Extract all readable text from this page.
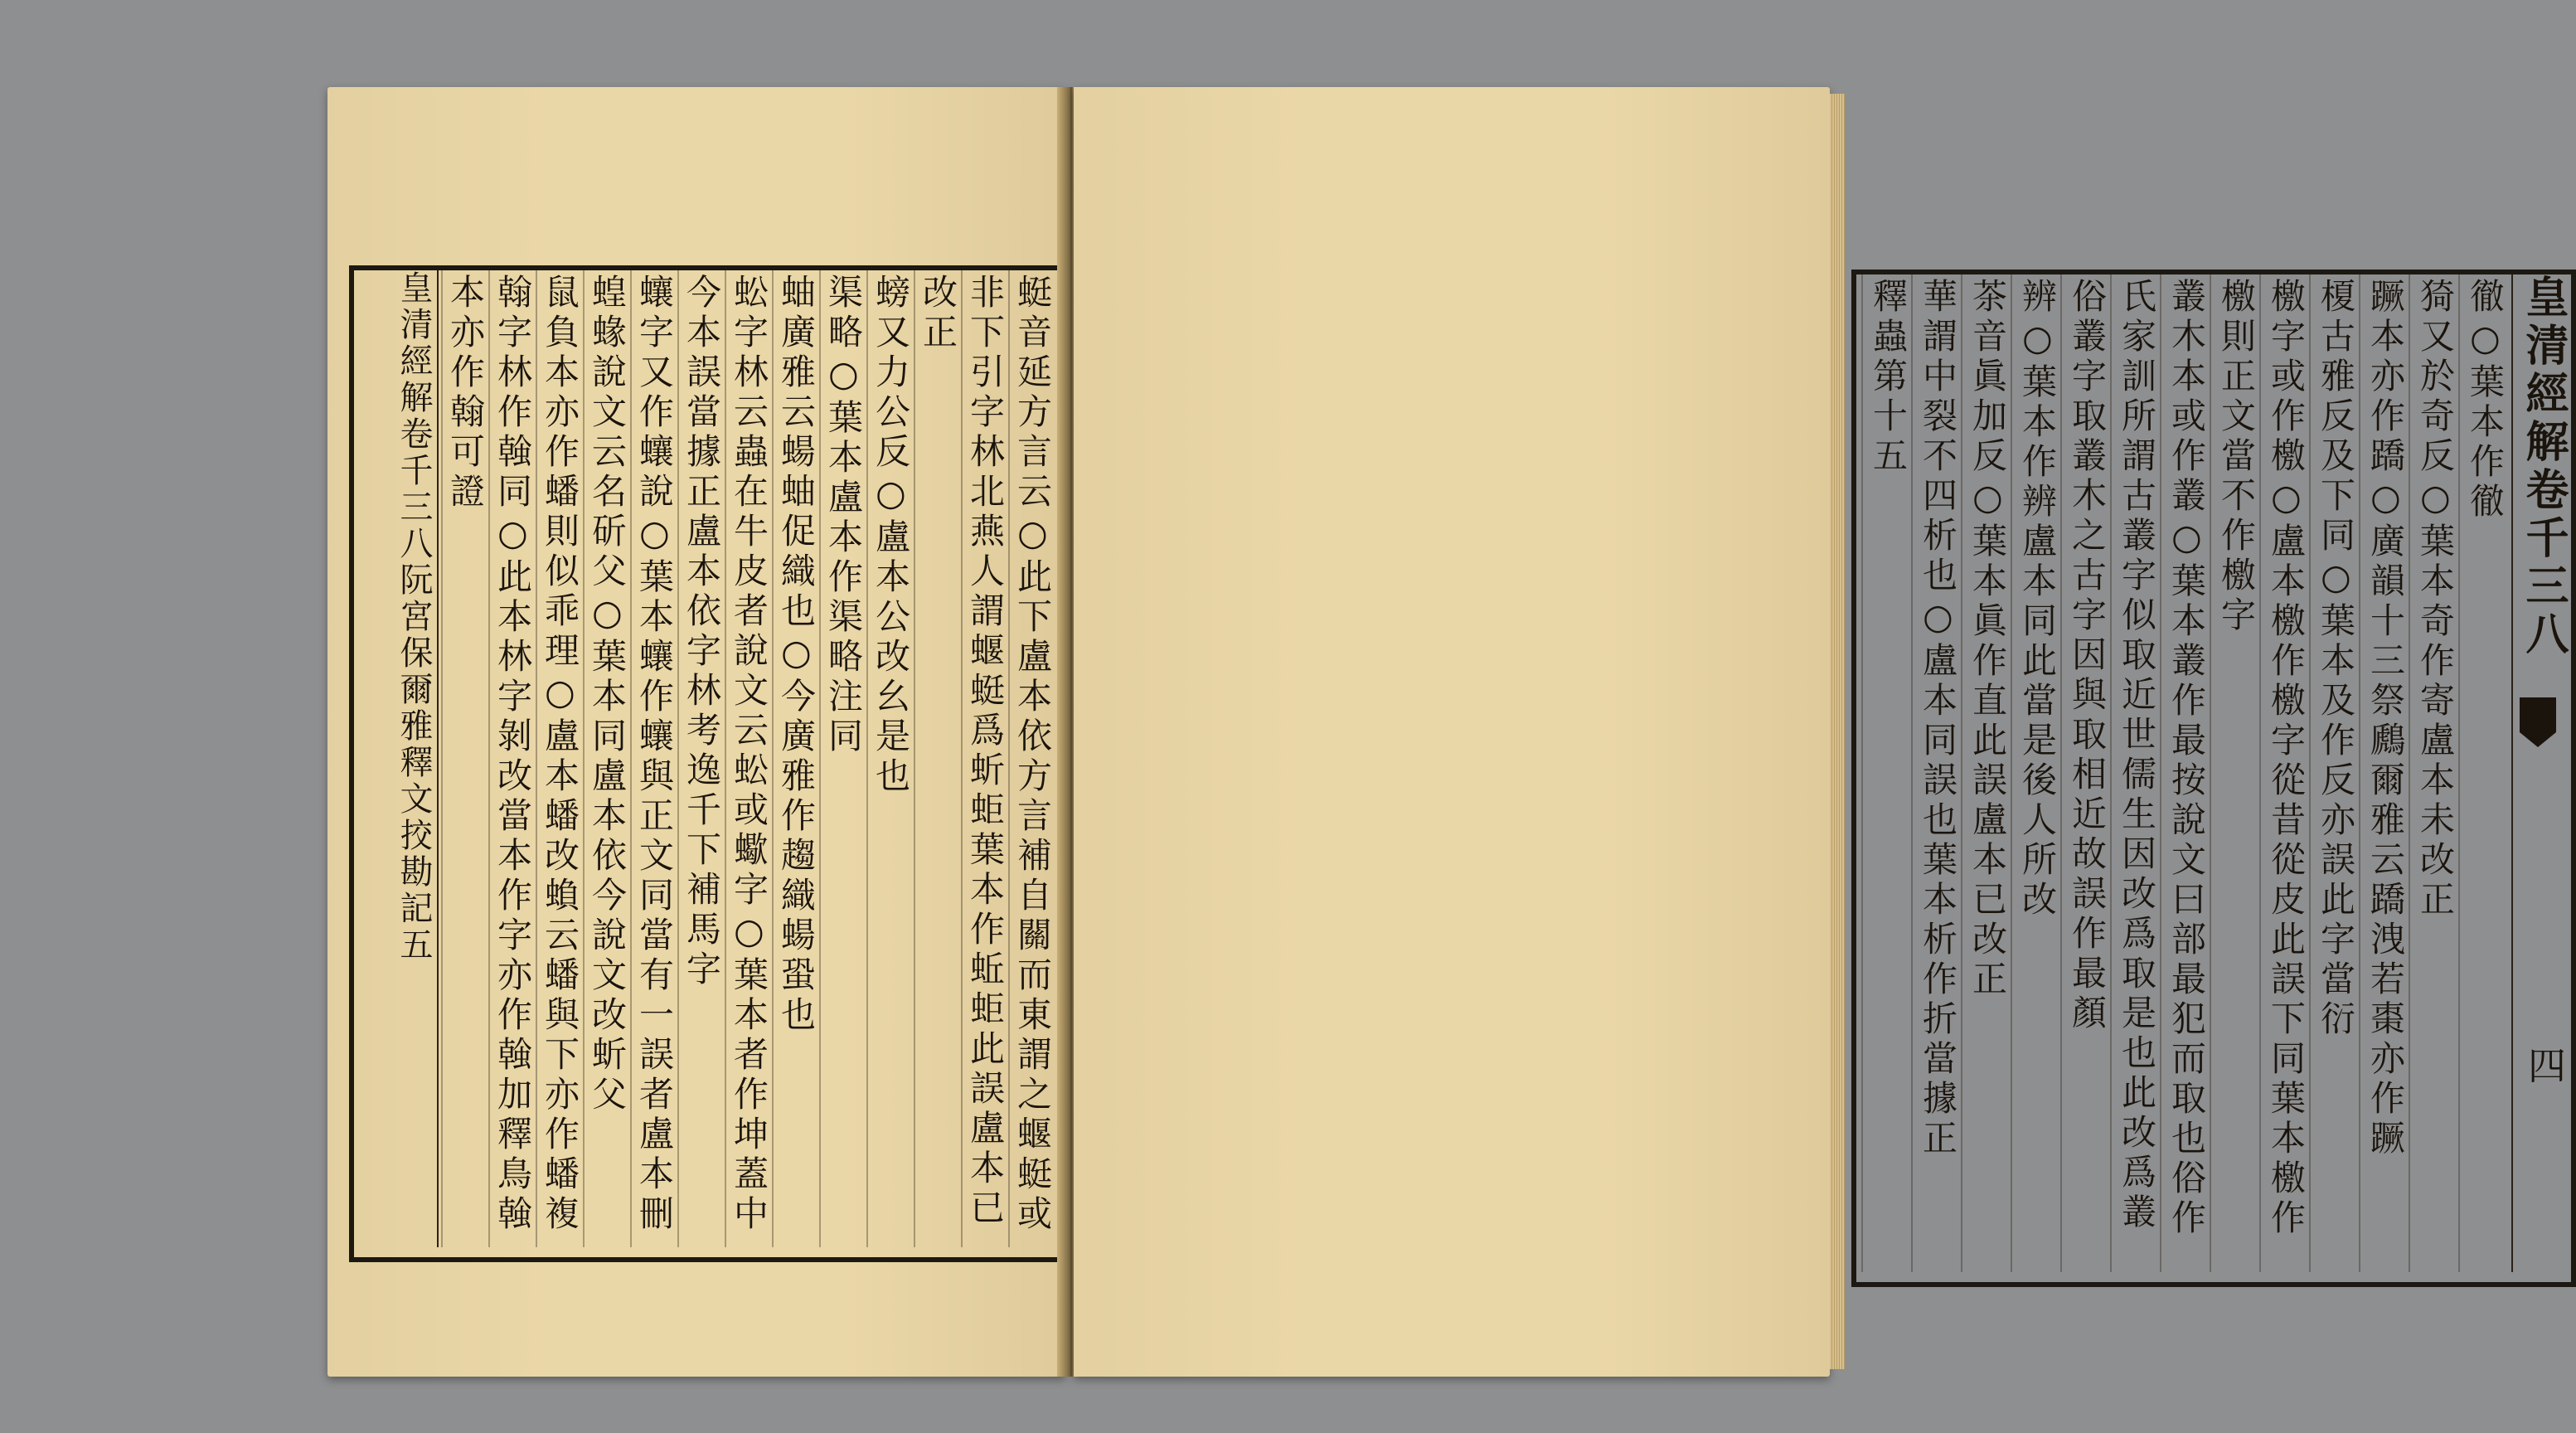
皇清經解卷千三八阮宮保爾雅釋文挍勘記五	蜓音延方言云○此下盧本依方言補自關而東謂之蝘蜓或
非下引字林北燕人謂蝘蜓爲蚚蚷葉本作蚯蚷此誤盧本已
改正
螃又力公反○盧本公改幺是也
渠略○葉本盧本作渠略注同
蚰廣雅云蝪蚰促織也○今廣雅作趨織蝪蛩也
蚣字林云蟲在牛皮者說文云蚣或蠍字○葉本者作坤蓋中
今本誤當據正盧本依字林考逸千下補馬字
蠰字又作蠰說○葉本蠰作蠰與正文同當有一誤者盧本刪
蝗蝝說文云名斫父○葉本同盧本依今說文改蚚父
鼠負本亦作蟠則似乖理○盧本蟠改蝜云蟠與下亦作蟠複
翰字林作螒同○此本林字剝改當本作字亦作螒加釋鳥螒
本亦作翰可證	皇清經解卷千三八
四
徹○葉本作徹
猗又於奇反○葉本奇作寄盧本未改正
蹶本亦作蹻○廣韻十三祭鷉爾雅云蹻洩若棗亦作蹶
榎古雅反及下同○葉本及作反亦誤此字當衍
檄字或作檄○盧本檄作檄字從昔從皮此誤下同葉本檄作
檄則正文當不作檄字
叢木本或作叢○葉本叢作最按說文曰部最犯而取也俗作
氏家訓所謂古叢字似取近世儒生因改爲取是也此改爲叢
俗叢字取叢木之古字因與取相近故誤作最顏
辨○葉本作辨盧本同此當是後人所改
茶音眞加反○葉本眞作直此誤盧本已改正
華謂中裂不四析也○盧本同誤也葉本析作折當據正
釋蟲第十五
